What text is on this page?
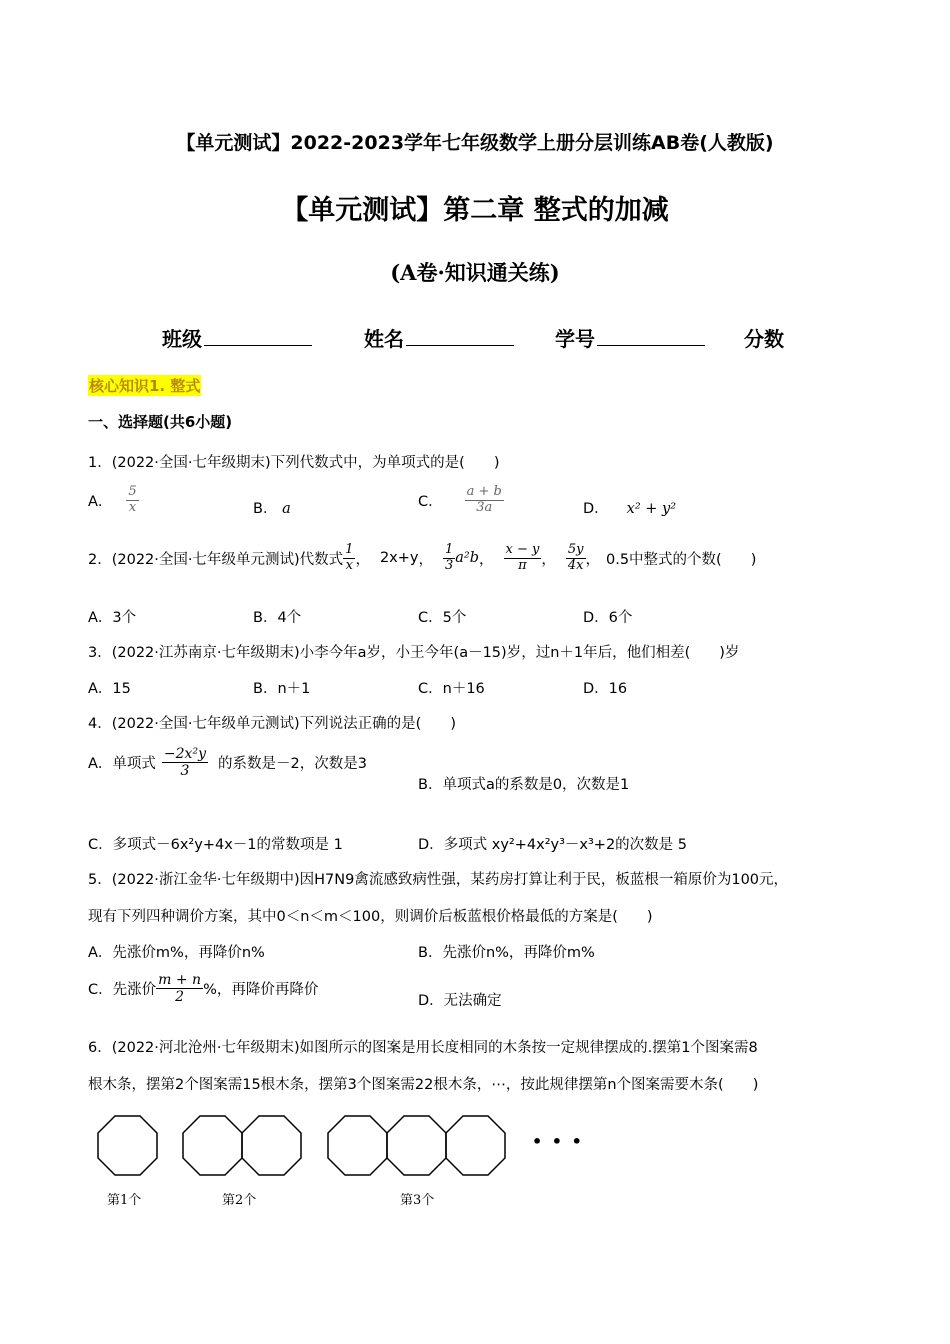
【单元测试】2022-2023学年七年级数学上册分层训练AB卷(人教版)
【单元测试】第二章 整式的加减
(A卷·知识通关练)
班级	姓名	学号	分数
核心知识1. 整式
一、选择题(共6小题)
1．(2022·全国·七年级期末)下列代数式中，为单项式的是(　　)
A． $\frac{5}{x}$	B． a	C． $\frac{a + b}{3a}$	D． x² + y²
2．(2022·全国·七年级单元测试)代数式 $\frac{1}{x}$ ， 2x+y ， $\frac{1}{3} a^2b$ ， $\frac{x - y}{\pi}$ ， $\frac{5y}{4x}$ ， 0.5中整式的个数(　　)
A．3个	B．4个	C．5个	D．6个
3．(2022·江苏南京·七年级期末)小李今年a岁，小王今年(a－15)岁，过n＋1年后，他们相差(　　)岁
A．15	B．n＋1	C．n＋16	D．16
4．(2022·全国·七年级单元测试)下列说法正确的是(　　)
A．单项式 $\frac{\text{−2x²y}}{3}$ 的系数是－2，次数是3
B．单项式a的系数是0，次数是1
C．多项式－6x²y+4x－1的常数项是 1	D．多项式 xy²+4x²y³－x³+2的次数是 5
5．(2022·浙江金华·七年级期中)因H7N9禽流感致病性强，某药房打算让利于民，板蓝根一箱原价为100元，
现有下列四种调价方案，其中0＜n＜m＜100，则调价后板蓝根价格最低的方案是(　　)
A．先涨价m%，再降价n%	B．先涨价n%，再降价m%
C．先涨价 $\frac{m + n}{2}$ %，再降价再降价
D．无法确定
6．(2022·河北沧州·七年级期末)如图所示的图案是用长度相同的木条按一定规律摆成的.摆第1个图案需8
根木条，摆第2个图案需15根木条，摆第3个图案需22根木条，⋯，按此规律摆第n个图案需要木条(　　)
• • •
第1个	第2个	第3个
